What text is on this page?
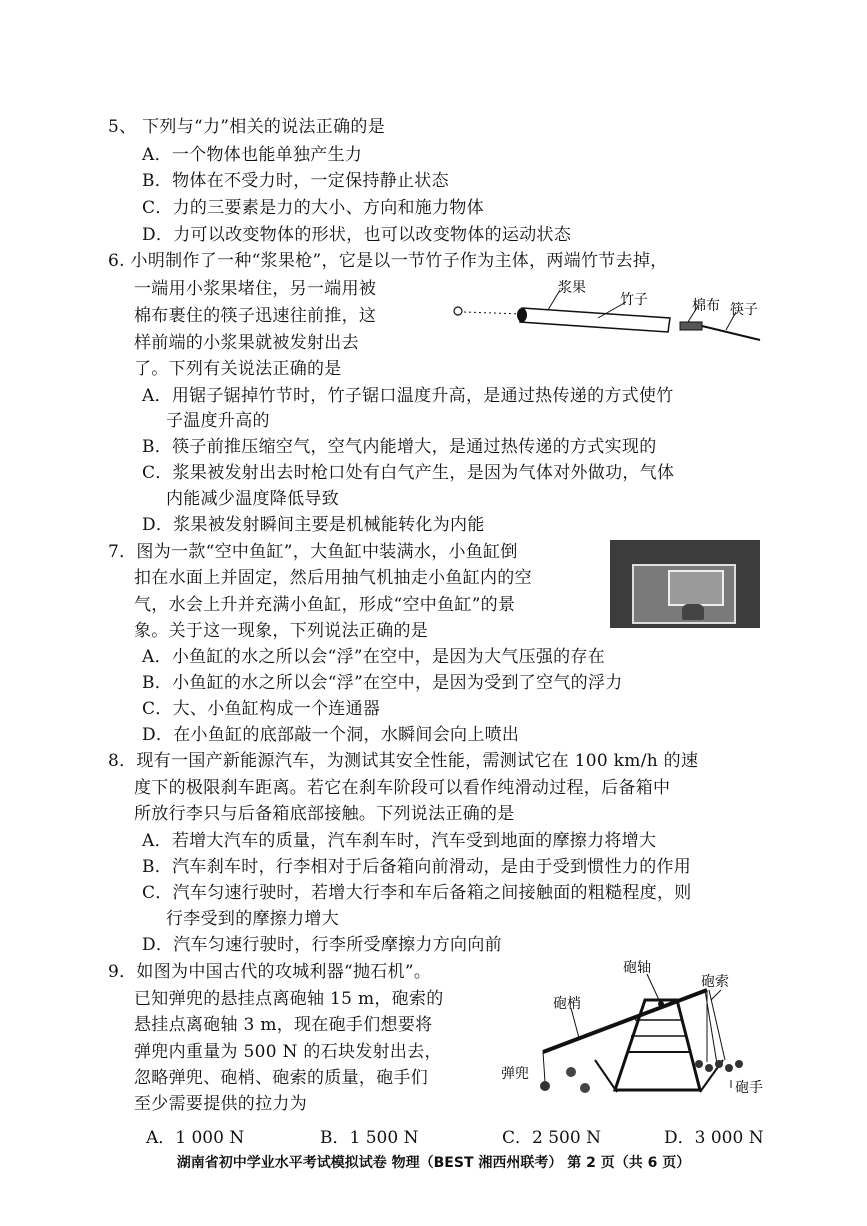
5、 下列与“力”相关的说法正确的是
A．一个物体也能单独产生力
B．物体在不受力时，一定保持静止状态
C．力的三要素是力的大小、方向和施力物体
D．力可以改变物体的形状，也可以改变物体的运动状态
6. 小明制作了一种“浆果枪”，它是以一节竹子作为主体，两端竹节去掉，
一端用小浆果堵住，另一端用被
棉布裹住的筷子迅速往前推，这
样前端的小浆果就被发射出去
了。下列有关说法正确的是
浆果
竹子	棉布 筷子
A．用锯子锯掉竹节时，竹子锯口温度升高，是通过热传递的方式使竹
子温度升高的
B．筷子前推压缩空气，空气内能增大，是通过热传递的方式实现的
C．浆果被发射出去时枪口处有白气产生，是因为气体对外做功，气体
内能减少温度降低导致
D．浆果被发射瞬间主要是机械能转化为内能
7．图为一款“空中鱼缸”，大鱼缸中装满水，小鱼缸倒
扣在水面上并固定，然后用抽气机抽走小鱼缸内的空
气，水会上升并充满小鱼缸，形成“空中鱼缸”的景
象。关于这一现象，下列说法正确的是
A．小鱼缸的水之所以会“浮”在空中，是因为大气压强的存在
B．小鱼缸的水之所以会“浮”在空中，是因为受到了空气的浮力
C．大、小鱼缸构成一个连通器
D．在小鱼缸的底部敲一个洞，水瞬间会向上喷出
8．现有一国产新能源汽车，为测试其安全性能，需测试它在 100 km/h 的速
度下的极限刹车距离。若它在刹车阶段可以看作纯滑动过程，后备箱中
所放行李只与后备箱底部接触。下列说法正确的是
A．若增大汽车的质量，汽车刹车时，汽车受到地面的摩擦力将增大
B．汽车刹车时，行李相对于后备箱向前滑动，是由于受到惯性力的作用
C．汽车匀速行驶时，若增大行李和车后备箱之间接触面的粗糙程度，则
行李受到的摩擦力增大
D．汽车匀速行驶时，行李所受摩擦力方向向前
9．如图为中国古代的攻城利器“抛石机”。
已知弹兜的悬挂点离砲轴 15 m，砲索的
悬挂点离砲轴 3 m，现在砲手们想要将
弹兜内重量为 500 N 的石块发射出去，
忽略弹兜、砲梢、砲索的质量，砲手们
至少需要提供的拉力为
砲轴
砲索
砲梢
弹兜
砲手
A．1 000 N	B．1 500 N	C．2 500 N	D．3 000 N
湖南省初中学业水平考试模拟试卷 物理（BEST 湘西州联考） 第 2 页（共 6 页）
